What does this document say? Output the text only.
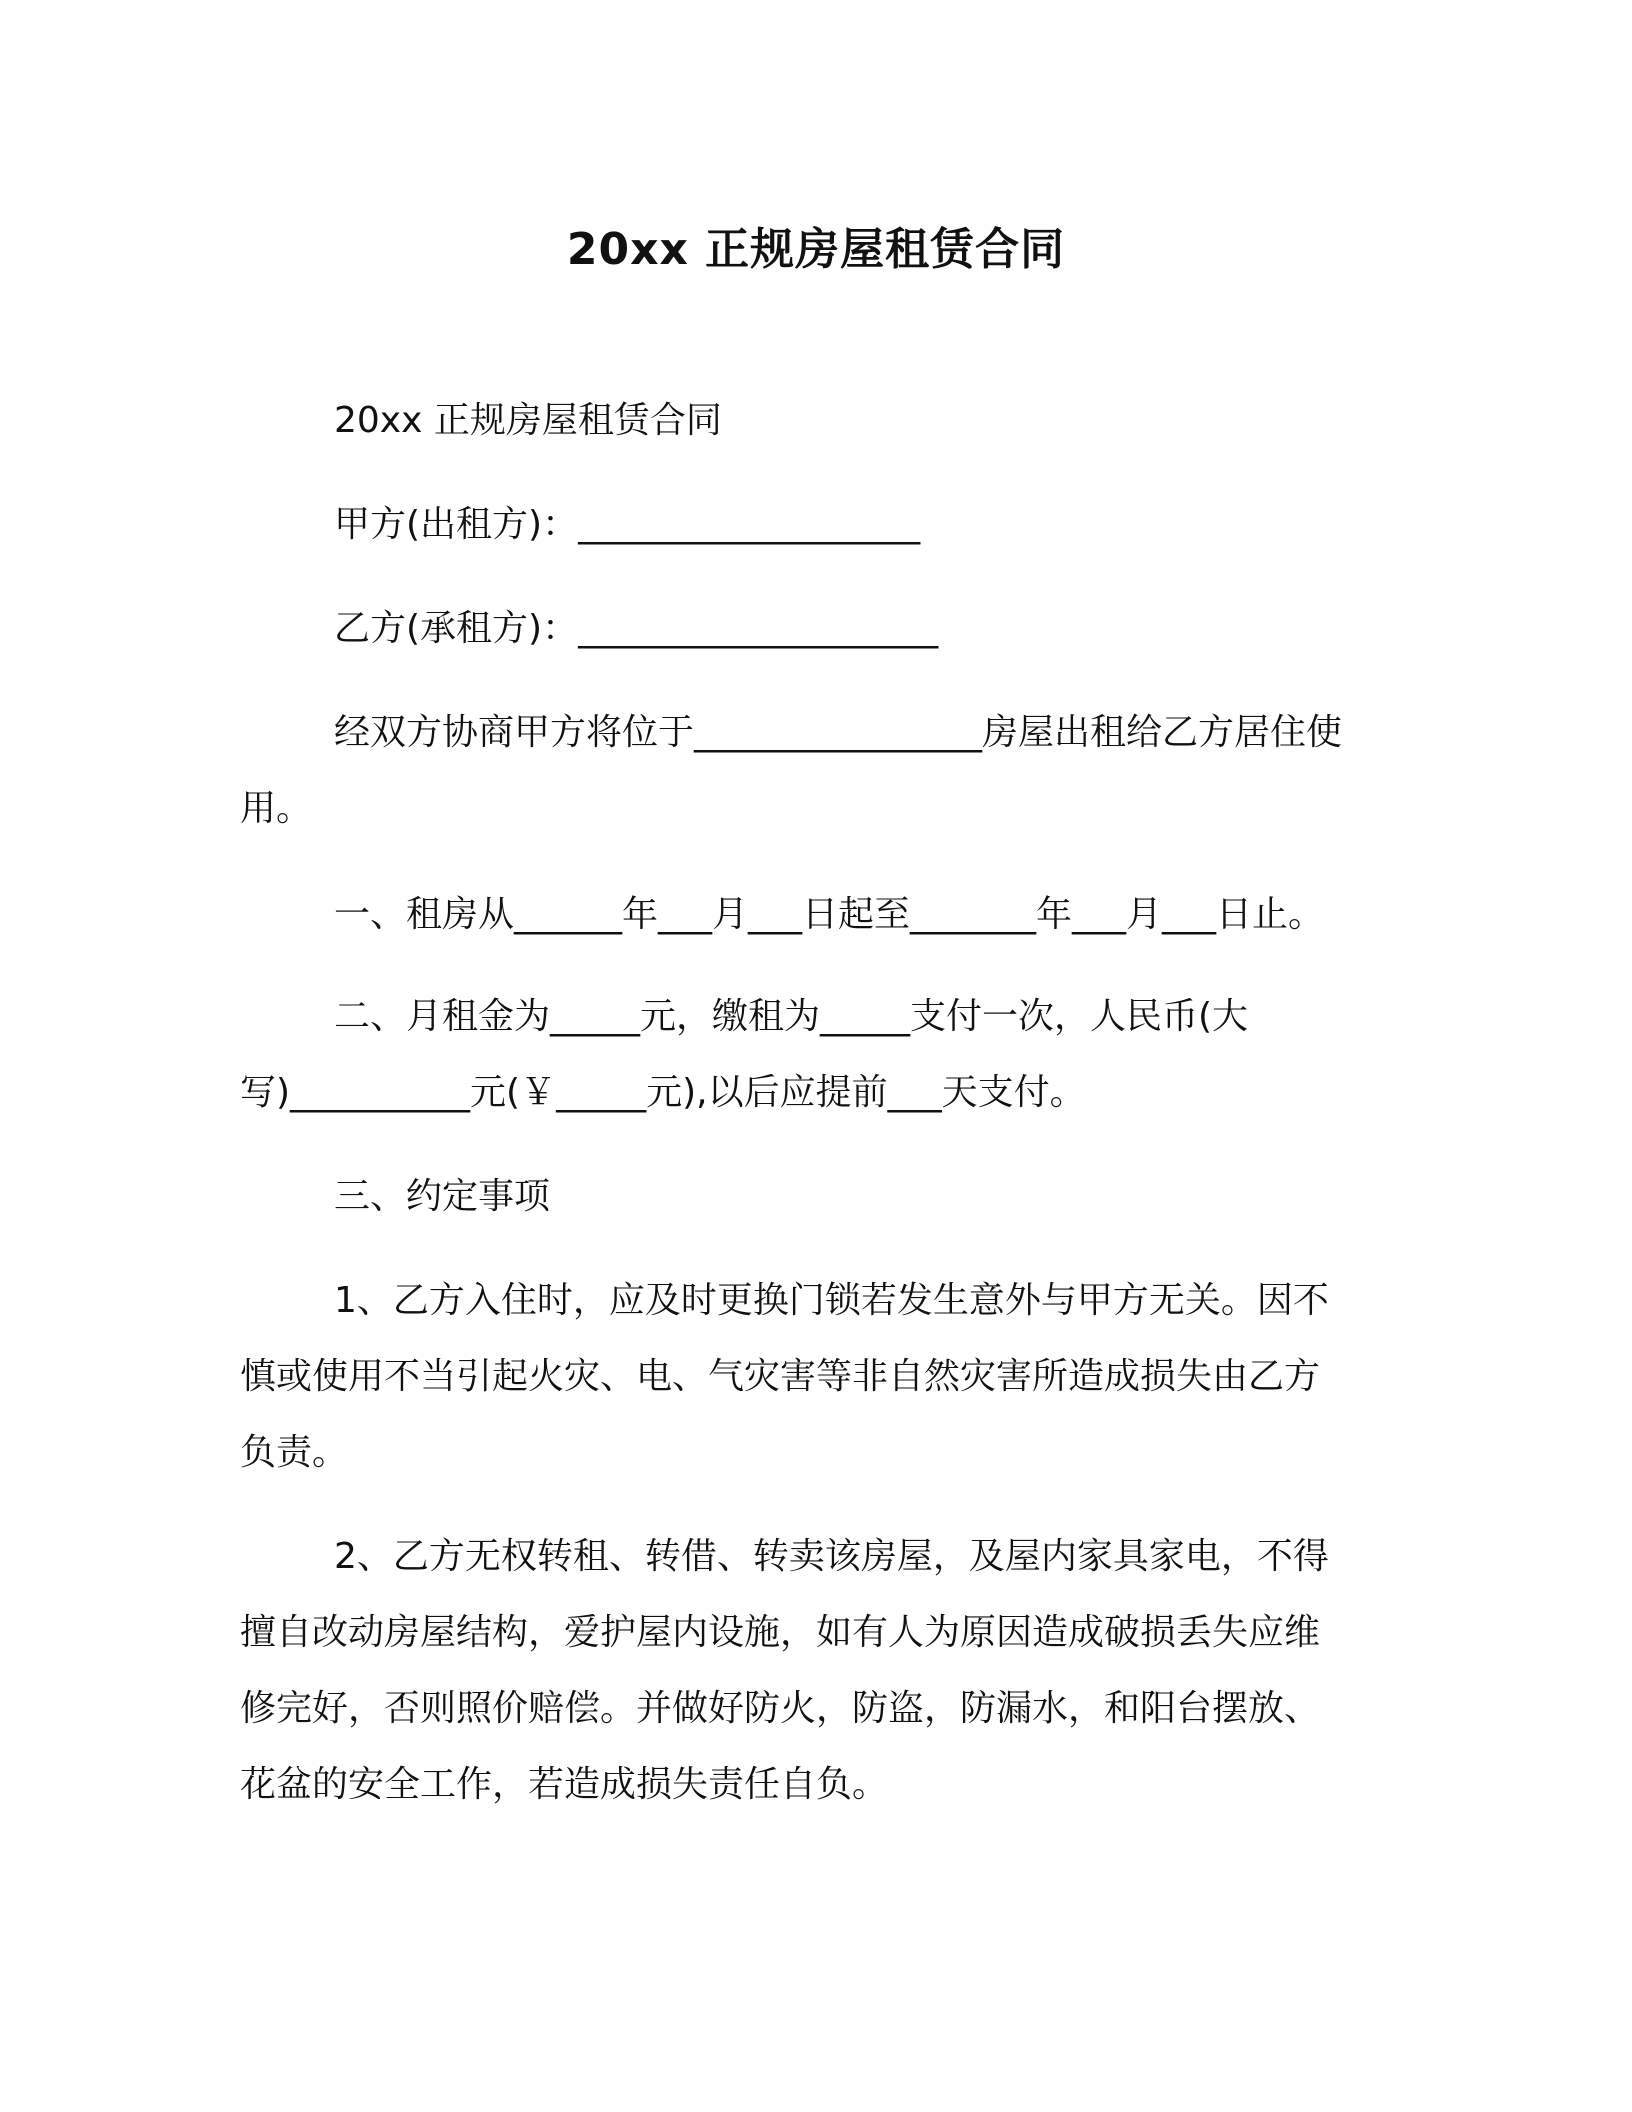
20xx 正规房屋租赁合同
20xx 正规房屋租赁合同
甲方(出租方)：___________________
乙方(承租方)：____________________
经双方协商甲方将位于________________房屋出租给乙方居住使
用。
一、租房从______年___月___日起至_______年___月___日止。
二、月租金为_____元，缴租为_____支付一次，人民币(大
写)__________元(￥_____元),以后应提前___天支付。
三、约定事项
1、乙方入住时，应及时更换门锁若发生意外与甲方无关。因不
慎或使用不当引起火灾、电、气灾害等非自然灾害所造成损失由乙方
负责。
2、乙方无权转租、转借、转卖该房屋，及屋内家具家电，不得
擅自改动房屋结构，爱护屋内设施，如有人为原因造成破损丢失应维
修完好，否则照价赔偿。并做好防火，防盗，防漏水，和阳台摆放、
花盆的安全工作，若造成损失责任自负。
